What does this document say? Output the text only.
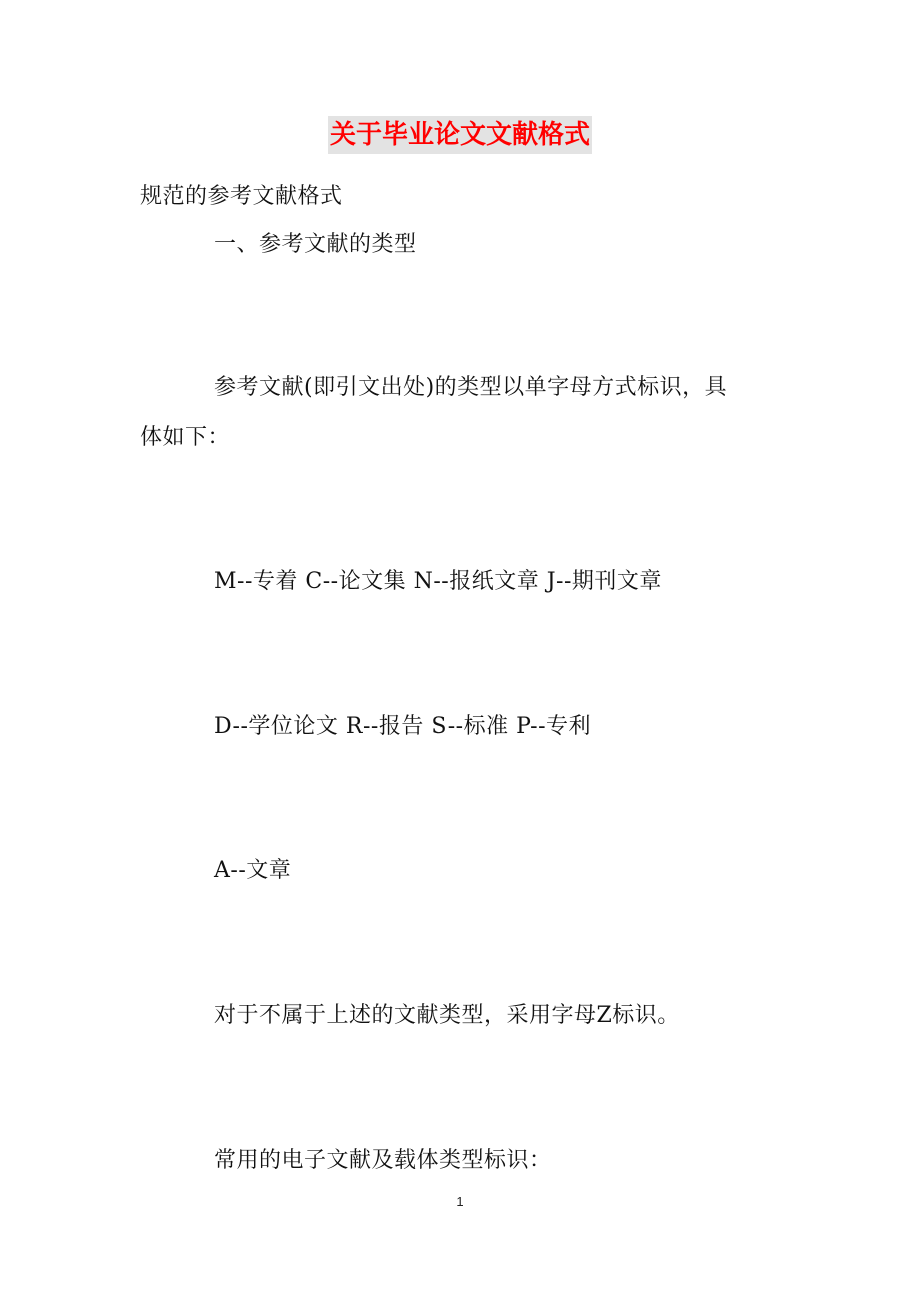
关于毕业论文文献格式
规范的参考文献格式
一、参考文献的类型
参考文献(即引文出处)的类型以单字母方式标识，具
体如下：
M--专着 C--论文集 N--报纸文章 J--期刊文章
D--学位论文 R--报告 S--标准 P--专利
A--文章
对于不属于上述的文献类型，采用字母Z标识。
常用的电子文献及载体类型标识：
1
